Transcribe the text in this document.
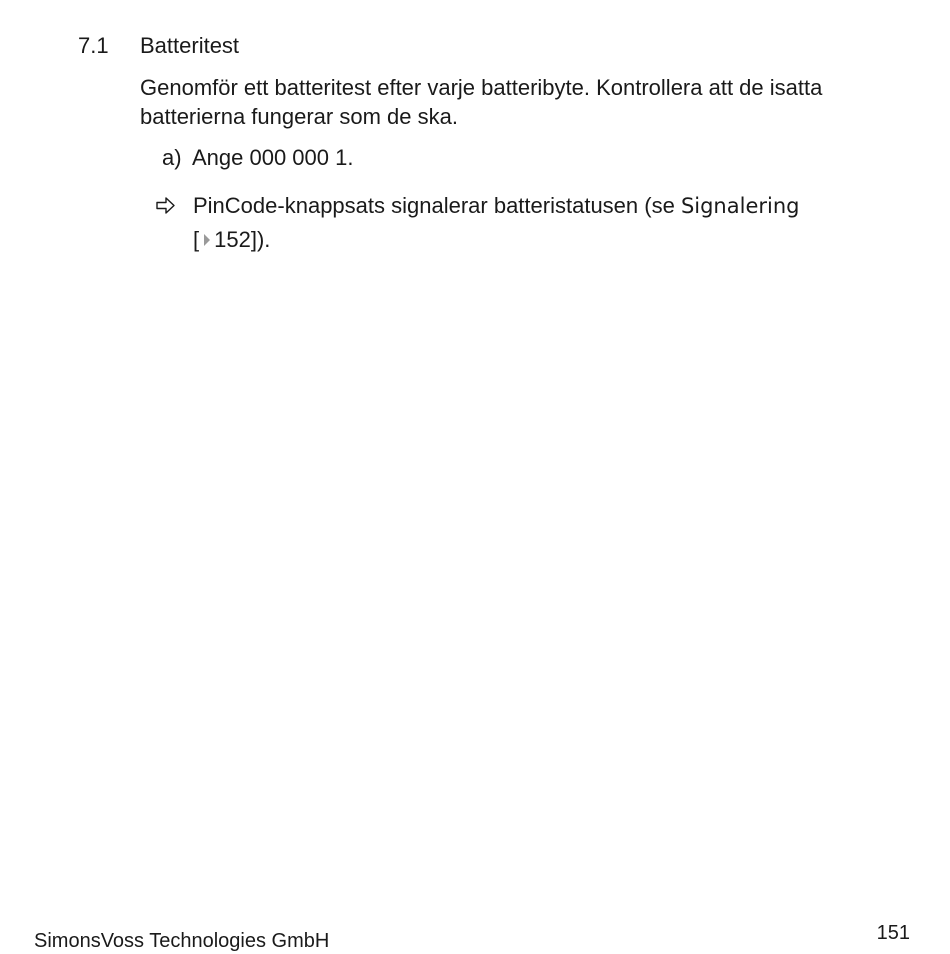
7.1 Batteritest
Genomför ett batteritest efter varje batteribyte. Kontrollera att de isatta batterierna fungerar som de ska.
a) Ange 000 000 1.
PinCode-knappsats signalerar batteristatusen (se Signalering
[ 152]).
SimonsVoss Technologies GmbH	151
